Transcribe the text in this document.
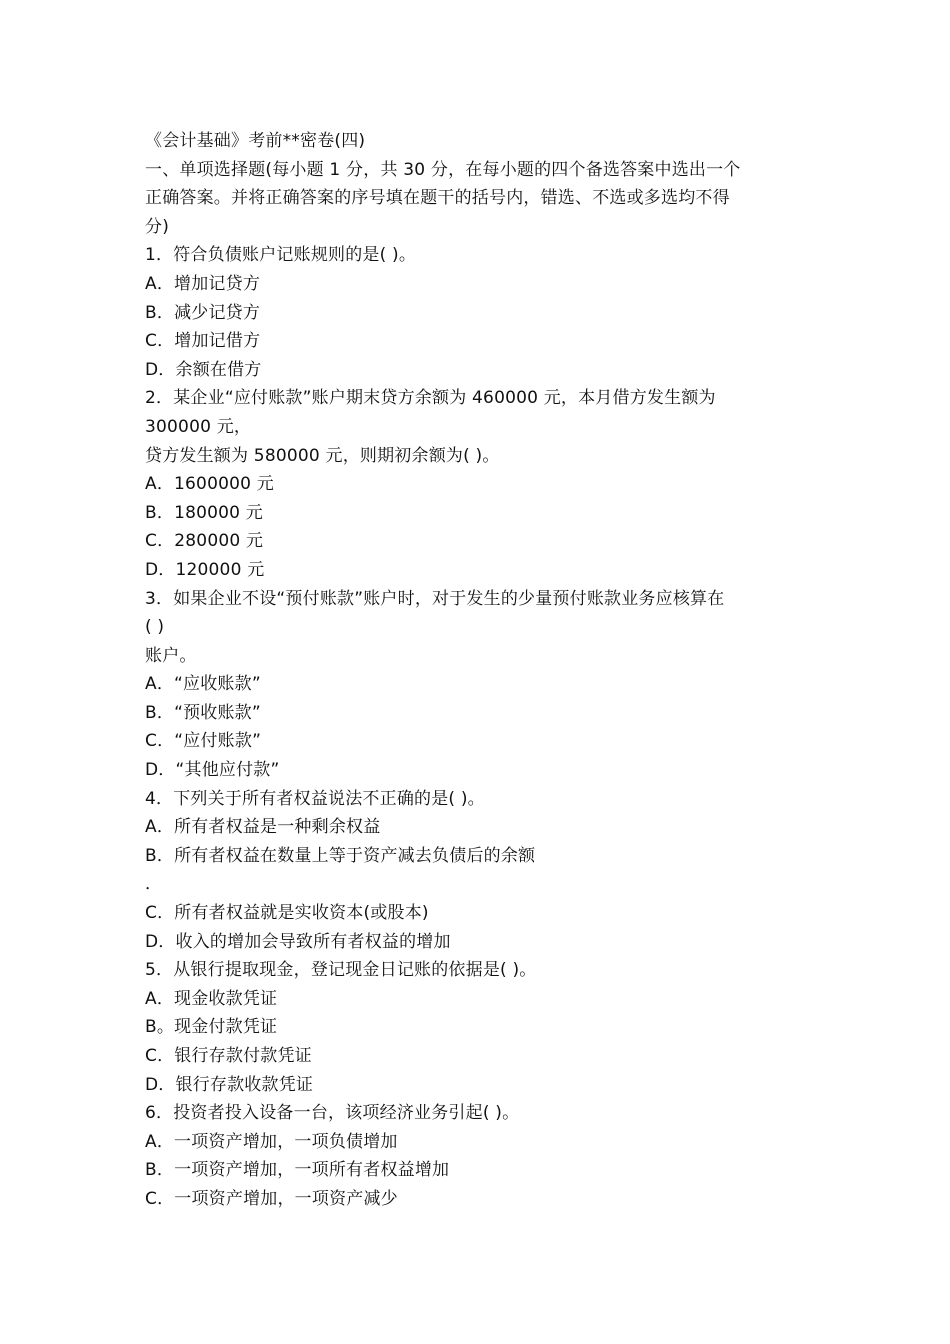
《会计基础》考前**密卷(四)
一、单项选择题(每小题 1 分，共 30 分，在每小题的四个备选答案中选出一个
正确答案。并将正确答案的序号填在题干的括号内，错选、不选或多选均不得
分)
1．符合负债账户记账规则的是( )。
A．增加记贷方
B．减少记贷方
C．增加记借方
D．余额在借方
2．某企业“应付账款”账户期末贷方余额为 460000 元，本月借方发生额为
300000 元，
贷方发生额为 580000 元，则期初余额为( )。
A．1600000 元
B．180000 元
C．280000 元
D．120000 元
3．如果企业不设“预付账款”账户时，对于发生的少量预付账款业务应核算在
( )
账户。
A．“应收账款”
B．“预收账款”
C．“应付账款”
D．“其他应付款”
4．下列关于所有者权益说法不正确的是( )。
A．所有者权益是一种剩余权益
B．所有者权益在数量上等于资产减去负债后的余额
．
C．所有者权益就是实收资本(或股本)
D．收入的增加会导致所有者权益的增加
5．从银行提取现金，登记现金日记账的依据是( )。
A．现金收款凭证
B。现金付款凭证
C．银行存款付款凭证
D．银行存款收款凭证
6．投资者投入设备一台，该项经济业务引起( )。
A．一项资产增加，一项负债增加
B．一项资产增加，一项所有者权益增加
C．一项资产增加，一项资产减少
